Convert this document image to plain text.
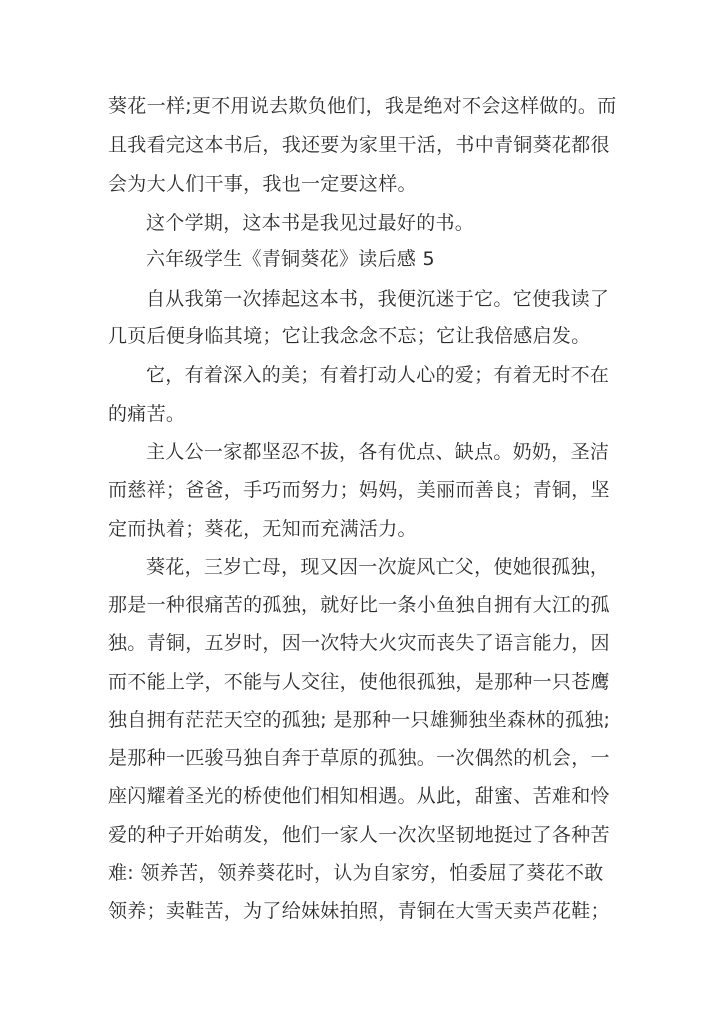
葵花一样;更不用说去欺负他们，我是绝对不会这样做的。而
且我看完这本书后，我还要为家里干活，书中青铜葵花都很
会为大人们干事，我也一定要这样。
这个学期，这本书是我见过最好的书。
六年级学生《青铜葵花》读后感 5
自从我第一次捧起这本书，我便沉迷于它。它使我读了
几页后便身临其境；它让我念念不忘；它让我倍感启发。
它，有着深入的美；有着打动人心的爱；有着无时不在
的痛苦。
主人公一家都坚忍不拔，各有优点、缺点。奶奶，圣洁
而慈祥；爸爸，手巧而努力；妈妈，美丽而善良；青铜，坚
定而执着；葵花，无知而充满活力。
葵花，三岁亡母，现又因一次旋风亡父，使她很孤独，
那是一种很痛苦的孤独，就好比一条小鱼独自拥有大江的孤
独。青铜，五岁时，因一次特大火灾而丧失了语言能力，因
而不能上学，不能与人交往，使他很孤独，是那种一只苍鹰
独自拥有茫茫天空的孤独; 是那种一只雄狮独坐森林的孤独;
是那种一匹骏马独自奔于草原的孤独。一次偶然的机会，一
座闪耀着圣光的桥使他们相知相遇。从此，甜蜜、苦难和怜
爱的种子开始萌发，他们一家人一次次坚韧地挺过了各种苦
难: 领养苦，领养葵花时，认为自家穷，怕委屈了葵花不敢
领养；卖鞋苦，为了给妹妹拍照，青铜在大雪天卖芦花鞋；
